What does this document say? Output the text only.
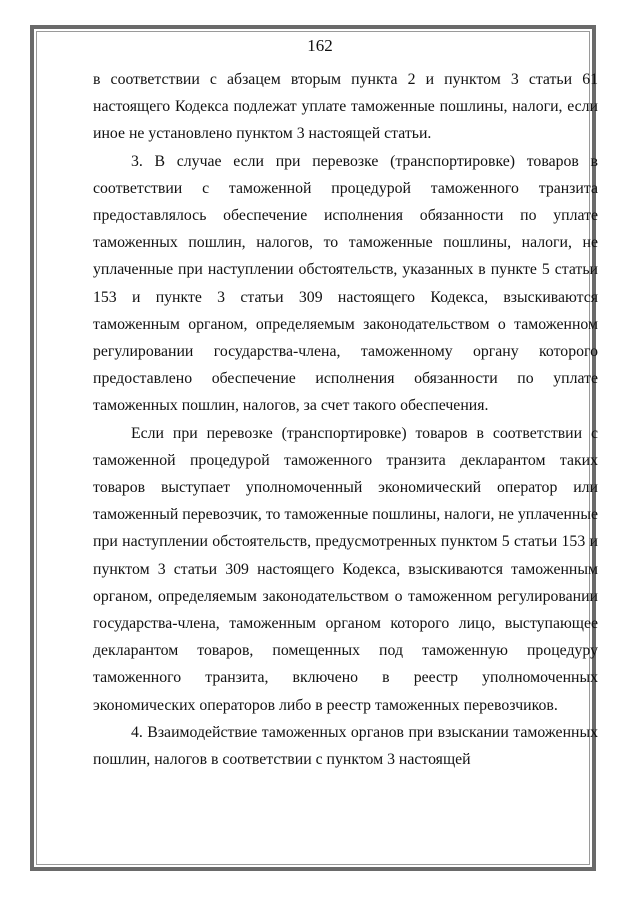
162

в соответствии с абзацем вторым пункта 2 и пунктом 3 статьи 61 настоящего Кодекса подлежат уплате таможенные пошлины, налоги, если иное не установлено пунктом 3 настоящей статьи.

3. В случае если при перевозке (транспортировке) товаров в соответствии с таможенной процедурой таможенного транзита предоставлялось обеспечение исполнения обязанности по уплате таможенных пошлин, налогов, то таможенные пошлины, налоги, не уплаченные при наступлении обстоятельств, указанных в пункте 5 статьи 153 и пункте 3 статьи 309 настоящего Кодекса, взыскиваются таможенным органом, определяемым законодательством о таможенном регулировании государства-члена, таможенному органу которого предоставлено обеспечение исполнения обязанности по уплате таможенных пошлин, налогов, за счет такого обеспечения.

Если при перевозке (транспортировке) товаров в соответствии с таможенной процедурой таможенного транзита декларантом таких товаров выступает уполномоченный экономический оператор или таможенный перевозчик, то таможенные пошлины, налоги, не уплаченные при наступлении обстоятельств, предусмотренных пунктом 5 статьи 153 и пунктом 3 статьи 309 настоящего Кодекса, взыскиваются таможенным органом, определяемым законодательством о таможенном регулировании государства-члена, таможенным органом которого лицо, выступающее декларантом товаров, помещенных под таможенную процедуру таможенного транзита, включено в реестр уполномоченных экономических операторов либо в реестр таможенных перевозчиков.

4. Взаимодействие таможенных органов при взыскании таможенных пошлин, налогов в соответствии с пунктом 3 настоящей
